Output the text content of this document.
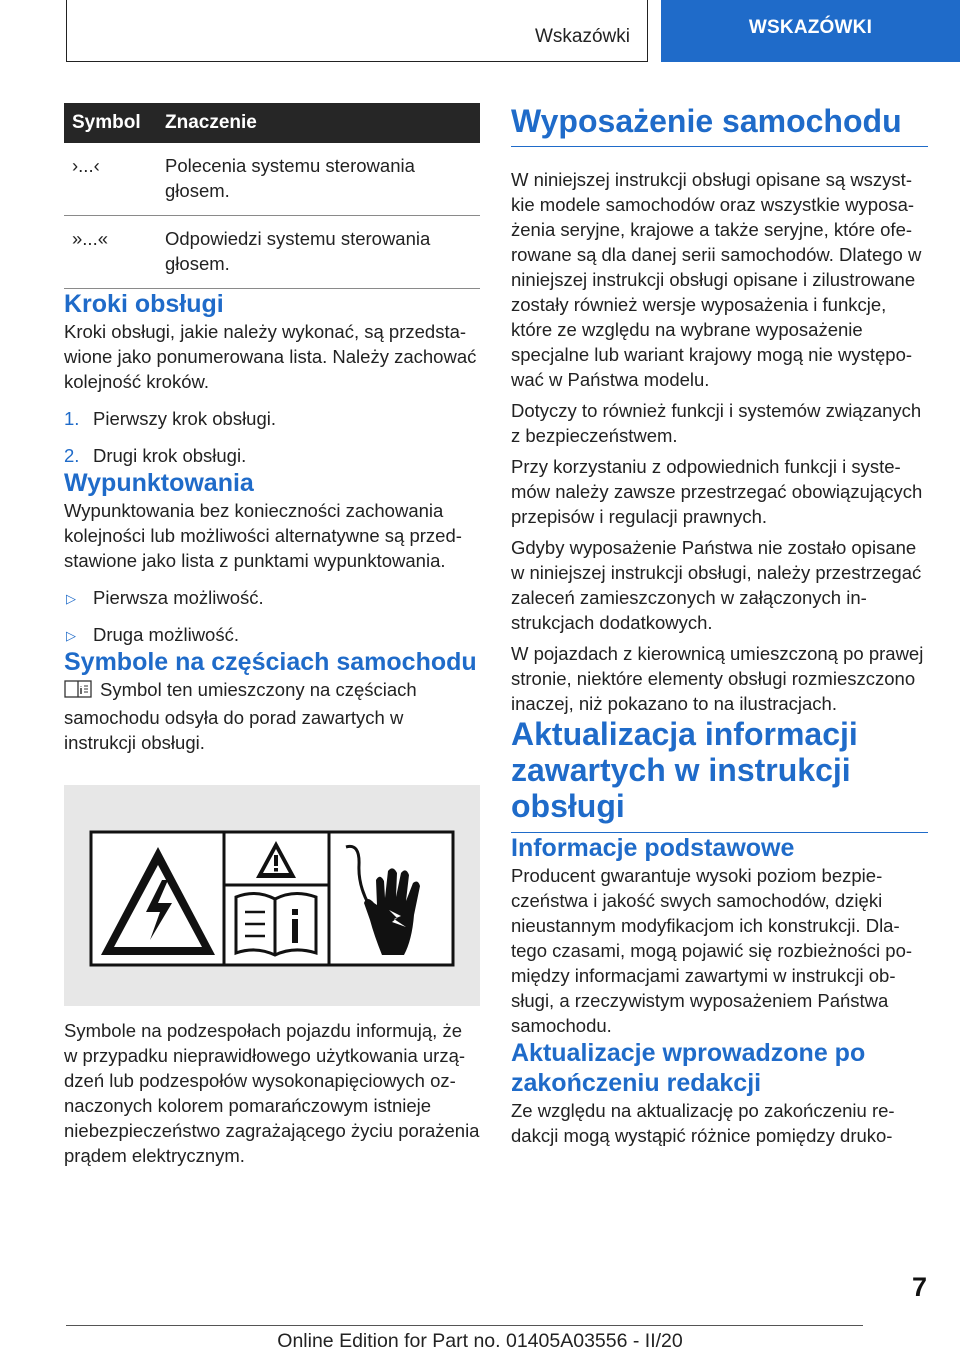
Wskazówki	WSKAZÓWKI
Symbol	Znaczenie
›...‹	Polecenia systemu sterowania głosem.
»...«	Odpowiedzi systemu sterowania głosem.
Kroki obsługi

Kroki obsługi, jakie należy wykonać, są przedstawione jako ponumerowana lista. Należy zachować kolejność kroków.

1. Pierwszy krok obsługi.
2. Drugi krok obsługi.
Wypunktowania

Wypunktowania bez konieczności zachowania kolejności lub możliwości alternatywne są przedstawione jako lista z punktami wypunktowania.

▷ Pierwsza możliwość.
▷ Druga możliwość.
Symbole na częściach samochodu

Symbol ten umieszczony na częściach samochodu odsyła do porad zawartych w instrukcji obsługi.

Symbole na podzespołach pojazdu informują, że w przypadku nieprawidłowego użytkowania urządzeń lub podzespołów wysokonapięciowych oznaczonych kolorem pomarańczowym istnieje niebezpieczeństwo zagrażającego życiu porażenia prądem elektrycznym.

Wyposażenie samochodu

W niniejszej instrukcji obsługi opisane są wszystkie modele samochodów oraz wszystkie wyposażenia seryjne, krajowe a także seryjne, które oferowane są dla danej serii samochodów. Dlatego w niniejszej instrukcji obsługi opisane i zilustrowane zostały również wersje wyposażenia i funkcje, które ze względu na wybrane wyposażenie specjalne lub wariant krajowy mogą nie występować w Państwa modelu.

Dotyczy to również funkcji i systemów związanych z bezpieczeństwem.

Przy korzystaniu z odpowiednich funkcji i systemów należy zawsze przestrzegać obowiązujących przepisów i regulacji prawnych.

Gdyby wyposażenie Państwa nie zostało opisane w niniejszej instrukcji obsługi, należy przestrzegać zaleceń zamieszczonych w załączonych instrukcjach dodatkowych.

W pojazdach z kierownicą umieszczoną po prawej stronie, niektóre elementy obsługi rozmieszczono inaczej, niż pokazano to na ilustracjach.

Aktualizacja informacji zawartych w instrukcji obsługi
Informacje podstawowe

Producent gwarantuje wysoki poziom bezpieczeństwa i jakość swych samochodów, dzięki nieustannym modyfikacjom ich konstrukcji. Dlatego czasami, mogą pojawić się rozbieżności pomiędzy informacjami zawartymi w instrukcji obsługi, a rzeczywistym wyposażeniem Państwa samochodu.

Aktualizacje wprowadzone po zakończeniu redakcji

Ze względu na aktualizację po zakończeniu redakcji mogą wystąpić różnice pomiędzy druko-

7
Online Edition for Part no. 01405A03556 - II/20
